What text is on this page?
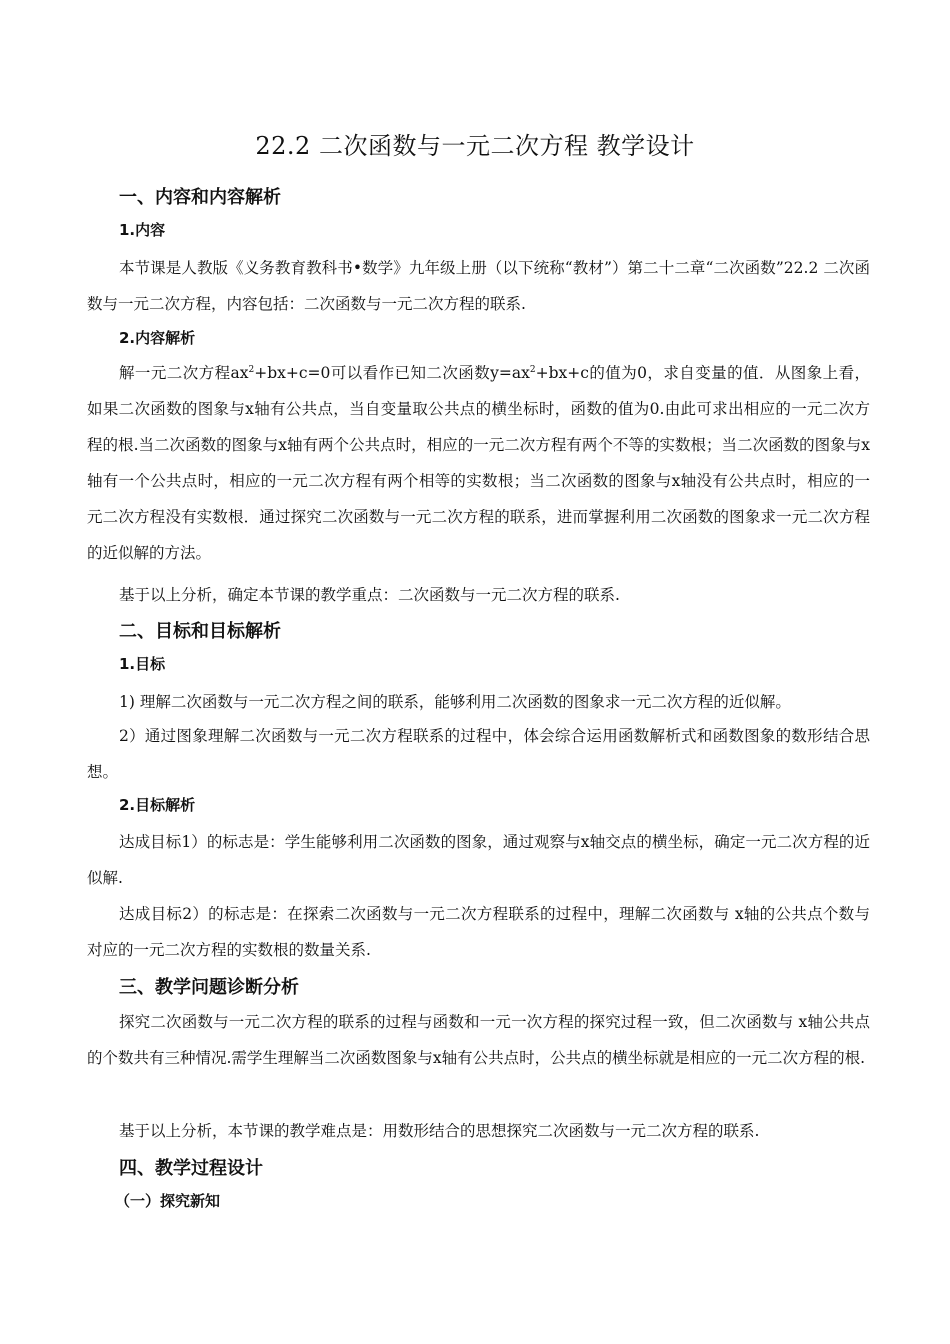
22.2 二次函数与一元二次方程 教学设计
一、内容和内容解析
1.内容
本节课是人教版《义务教育教科书•数学》九年级上册（以下统称“教材”）第二十二章“二次函数”22.2 二次函数与一元二次方程，内容包括：二次函数与一元二次方程的联系.
2.内容解析
解一元二次方程$ax^2+bx+c=0$可以看作已知二次函数$y=ax^2+bx+c$的值为0，求自变量的值．从图象上看，如果二次函数的图象与x轴有公共点，当自变量取公共点的横坐标时，函数的值为0.由此可求出相应的一元二次方程的根.当二次函数的图象与x轴有两个公共点时，相应的一元二次方程有两个不等的实数根；当二次函数的图象与x轴有一个公共点时，相应的一元二次方程有两个相等的实数根；当二次函数的图象与x轴没有公共点时，相应的一元二次方程没有实数根．通过探究二次函数与一元二次方程的联系，进而掌握利用二次函数的图象求一元二次方程的近似解的方法。
基于以上分析，确定本节课的教学重点：二次函数与一元二次方程的联系.
二、目标和目标解析
1.目标
1) 理解二次函数与一元二次方程之间的联系，能够利用二次函数的图象求一元二次方程的近似解。
2）通过图象理解二次函数与一元二次方程联系的过程中，体会综合运用函数解析式和函数图象的数形结合思想。
2.目标解析
达成目标1）的标志是：学生能够利用二次函数的图象，通过观察与x轴交点的横坐标，确定一元二次方程的近似解.
达成目标2）的标志是：在探索二次函数与一元二次方程联系的过程中，理解二次函数与 x轴的公共点个数与对应的一元二次方程的实数根的数量关系.
三、教学问题诊断分析
探究二次函数与一元二次方程的联系的过程与函数和一元一次方程的探究过程一致，但二次函数与 x轴公共点的个数共有三种情况.需学生理解当二次函数图象与x轴有公共点时，公共点的横坐标就是相应的一元二次方程的根.
基于以上分析，本节课的教学难点是：用数形结合的思想探究二次函数与一元二次方程的联系.
四、教学过程设计
（一）探究新知
